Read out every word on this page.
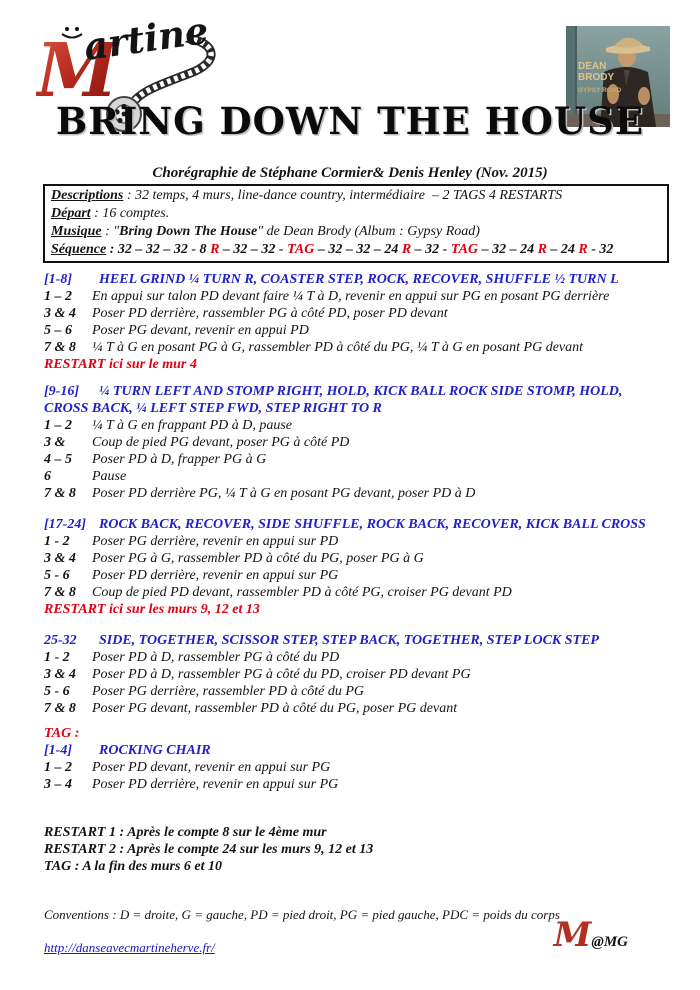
M
artine	DEAN
BRODY
GYPSY ROAD
BRING DOWN THE HOUSE
Chorégraphie de Stéphane Cormier& Denis Henley (Nov. 2015)
Descriptions : 32 temps, 4 murs, line-dance country, intermédiaire  – 2 TAGS 4 RESTARTS
Départ : 16 comptes.
Musique : "Bring Down The House" de Dean Brody (Album : Gypsy Road)
Séquence : 32 – 32 – 32 - 8 R – 32 – 32 - TAG – 32 – 32 – 24 R – 32 - TAG – 32 – 24 R – 24 R - 32
[1-8] HEEL GRIND ¼ TURN R, COASTER STEP, ROCK, RECOVER, SHUFFLE ½ TURN L
1 – 2	En appui sur talon PD devant faire ¼ T à D, revenir en appui sur PG en posant PG derrière
3 & 4	Poser PD derrière, rassembler PG à côté PD, poser PD devant
5 – 6	Poser PG devant, revenir en appui PD
7 & 8	¼ T à G en posant PG à G, rassembler PD à côté du PG, ¼ T à G en posant PG devant
RESTART ici sur le mur 4
[9-16] ¼ TURN LEFT AND STOMP RIGHT, HOLD, KICK BALL ROCK SIDE STOMP, HOLD, CROSS BACK, ¼ LEFT STEP FWD, STEP RIGHT TO R
1 – 2	¼ T à G en frappant PD à D, pause
3 &	Coup de pied PG devant, poser PG à côté PD
4 – 5	Poser PD à D, frapper PG à G
6	Pause
7 & 8	Poser PD derrière PG, ¼ T à G en posant PG devant, poser PD à D
[17-24] ROCK BACK, RECOVER, SIDE SHUFFLE, ROCK BACK, RECOVER, KICK BALL CROSS
1 - 2	Poser PG derrière, revenir en appui sur PD
3 & 4	Poser PG à G, rassembler PD à côté du PG, poser PG à G
5 - 6	Poser PD derrière, revenir en appui sur PG
7 & 8	Coup de pied PD devant, rassembler PD à côté PG, croiser PG devant PD
RESTART ici sur les murs 9, 12 et 13
25-32 SIDE, TOGETHER, SCISSOR STEP, STEP BACK, TOGETHER, STEP LOCK STEP
1 - 2	Poser PD à D, rassembler PG à côté du PD
3 & 4	Poser PD à D, rassembler PG à côté du PD, croiser PD devant PG
5 - 6	Poser PG derrière, rassembler PD à côté du PG
7 & 8	Poser PG devant, rassembler PD à côté du PG, poser PG devant
TAG :
[1-4] ROCKING CHAIR
1 – 2	Poser PD devant, revenir en appui sur PG
3 – 4	Poser PD derrière, revenir en appui sur PG
RESTART 1 : Après le compte 8 sur le 4ème mur
RESTART 2 : Après le compte 24 sur les murs 9, 12 et 13
TAG : A la fin des murs 6 et 10
Conventions : D = droite, G = gauche, PD = pied droit, PG = pied gauche, PDC = poids du corps
http://danseavecmartineherve.fr/	M@MG
